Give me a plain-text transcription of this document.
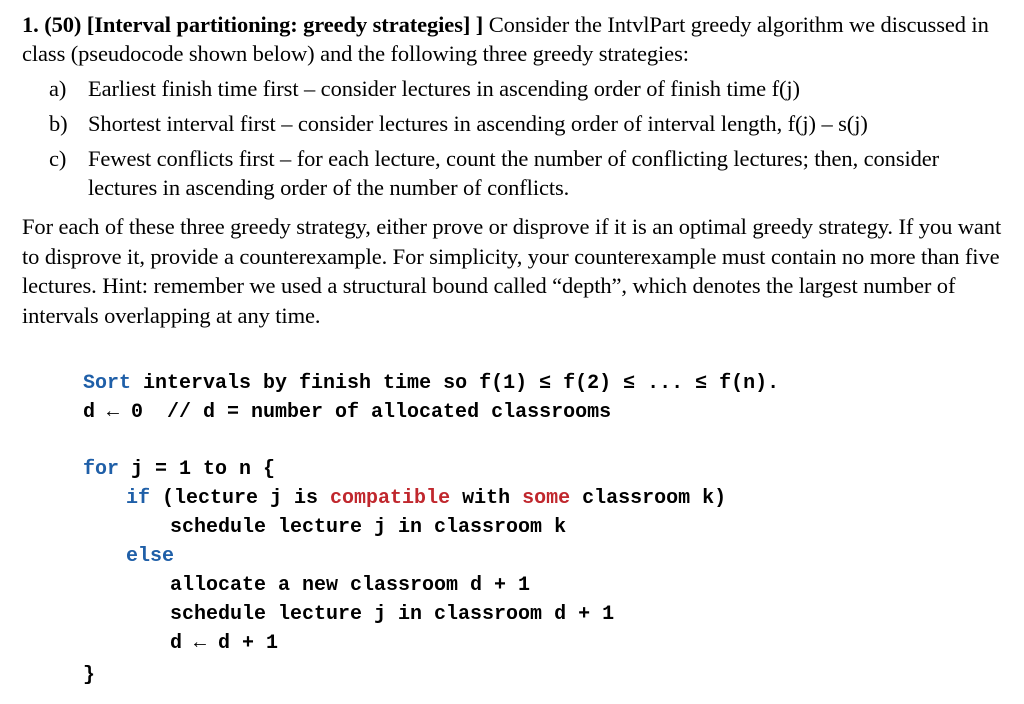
1. (50) [Interval partitioning: greedy strategies] ] Consider the IntvlPart greedy algorithm we discussed in class (pseudocode shown below) and the following three greedy strategies:

a) Earliest finish time first – consider lectures in ascending order of finish time f(j)
b) Shortest interval first – consider lectures in ascending order of interval length, f(j) – s(j)
c) Fewest conflicts first – for each lecture, count the number of conflicting lectures; then, consider lectures in ascending order of the number of conflicts.

For each of these three greedy strategy, either prove or disprove if it is an optimal greedy strategy. If you want to disprove it, provide a counterexample. For simplicity, your counterexample must contain no more than five lectures. Hint: remember we used a structural bound called “depth”, which denotes the largest number of intervals overlapping at any time.

Sort intervals by finish time so f(1) ≤ f(2) ≤ ... ≤ f(n).
d ← 0  // d = number of allocated classrooms
for j = 1 to n {
if (lecture j is compatible with some classroom k)
schedule lecture j in classroom k
else
allocate a new classroom d + 1
schedule lecture j in classroom d + 1
d ← d + 1
}
